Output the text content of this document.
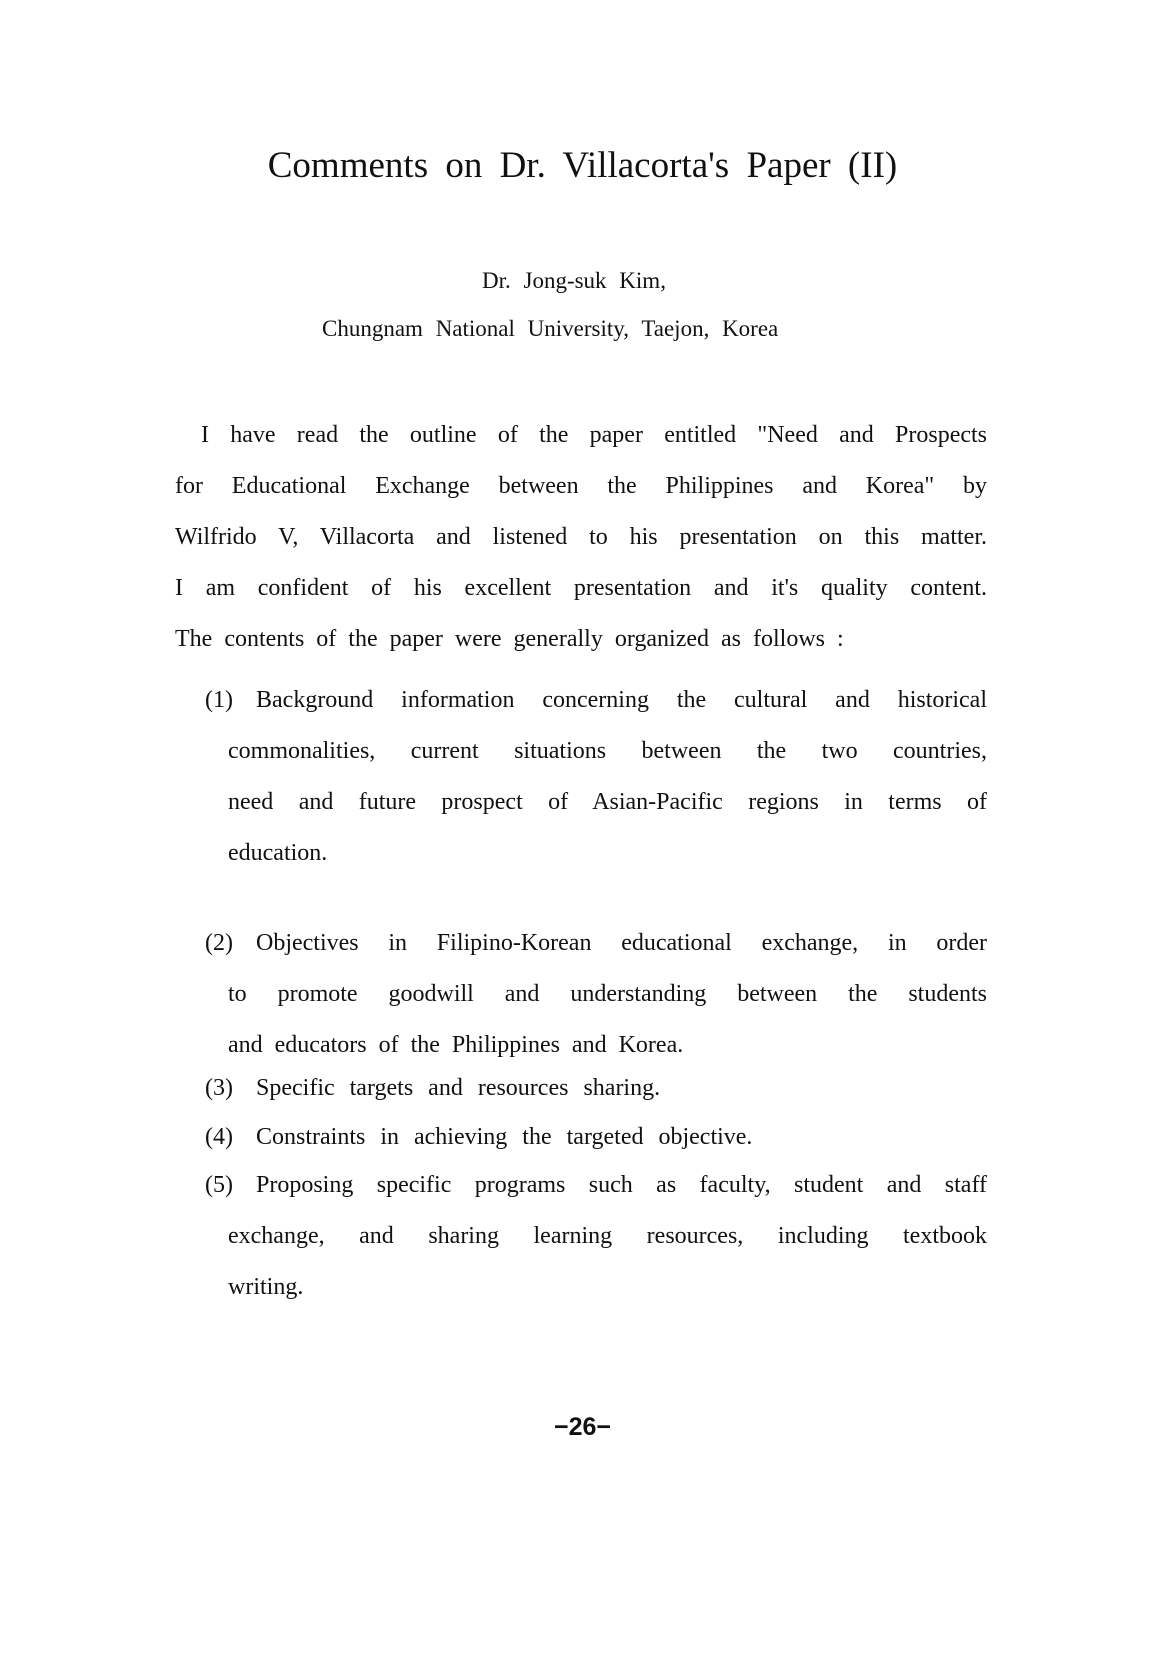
Comments on Dr. Villacorta's Paper (II)
Dr. Jong-suk Kim,
Chungnam National University, Taejon, Korea

I have read the outline of the paper entitled "Need and Prospects
for Educational Exchange between the Philippines and Korea" by
Wilfrido V, Villacorta and listened to his presentation on this matter.
I am confident of his excellent presentation and it's quality content.
The contents of the paper were generally organized as follows :

(1) Background information concerning the cultural and historical
commonalities, current situations between the two countries,
need and future prospect of Asian-Pacific regions in terms of
education.
(2) Objectives in Filipino-Korean educational exchange, in order
to promote goodwill and understanding between the students
and educators of the Philippines and Korea.
(3) Specific targets and resources sharing.
(4) Constraints in achieving the targeted objective.
(5) Proposing specific programs such as faculty, student and staff
exchange, and sharing learning resources, including textbook
writing.
−26−
